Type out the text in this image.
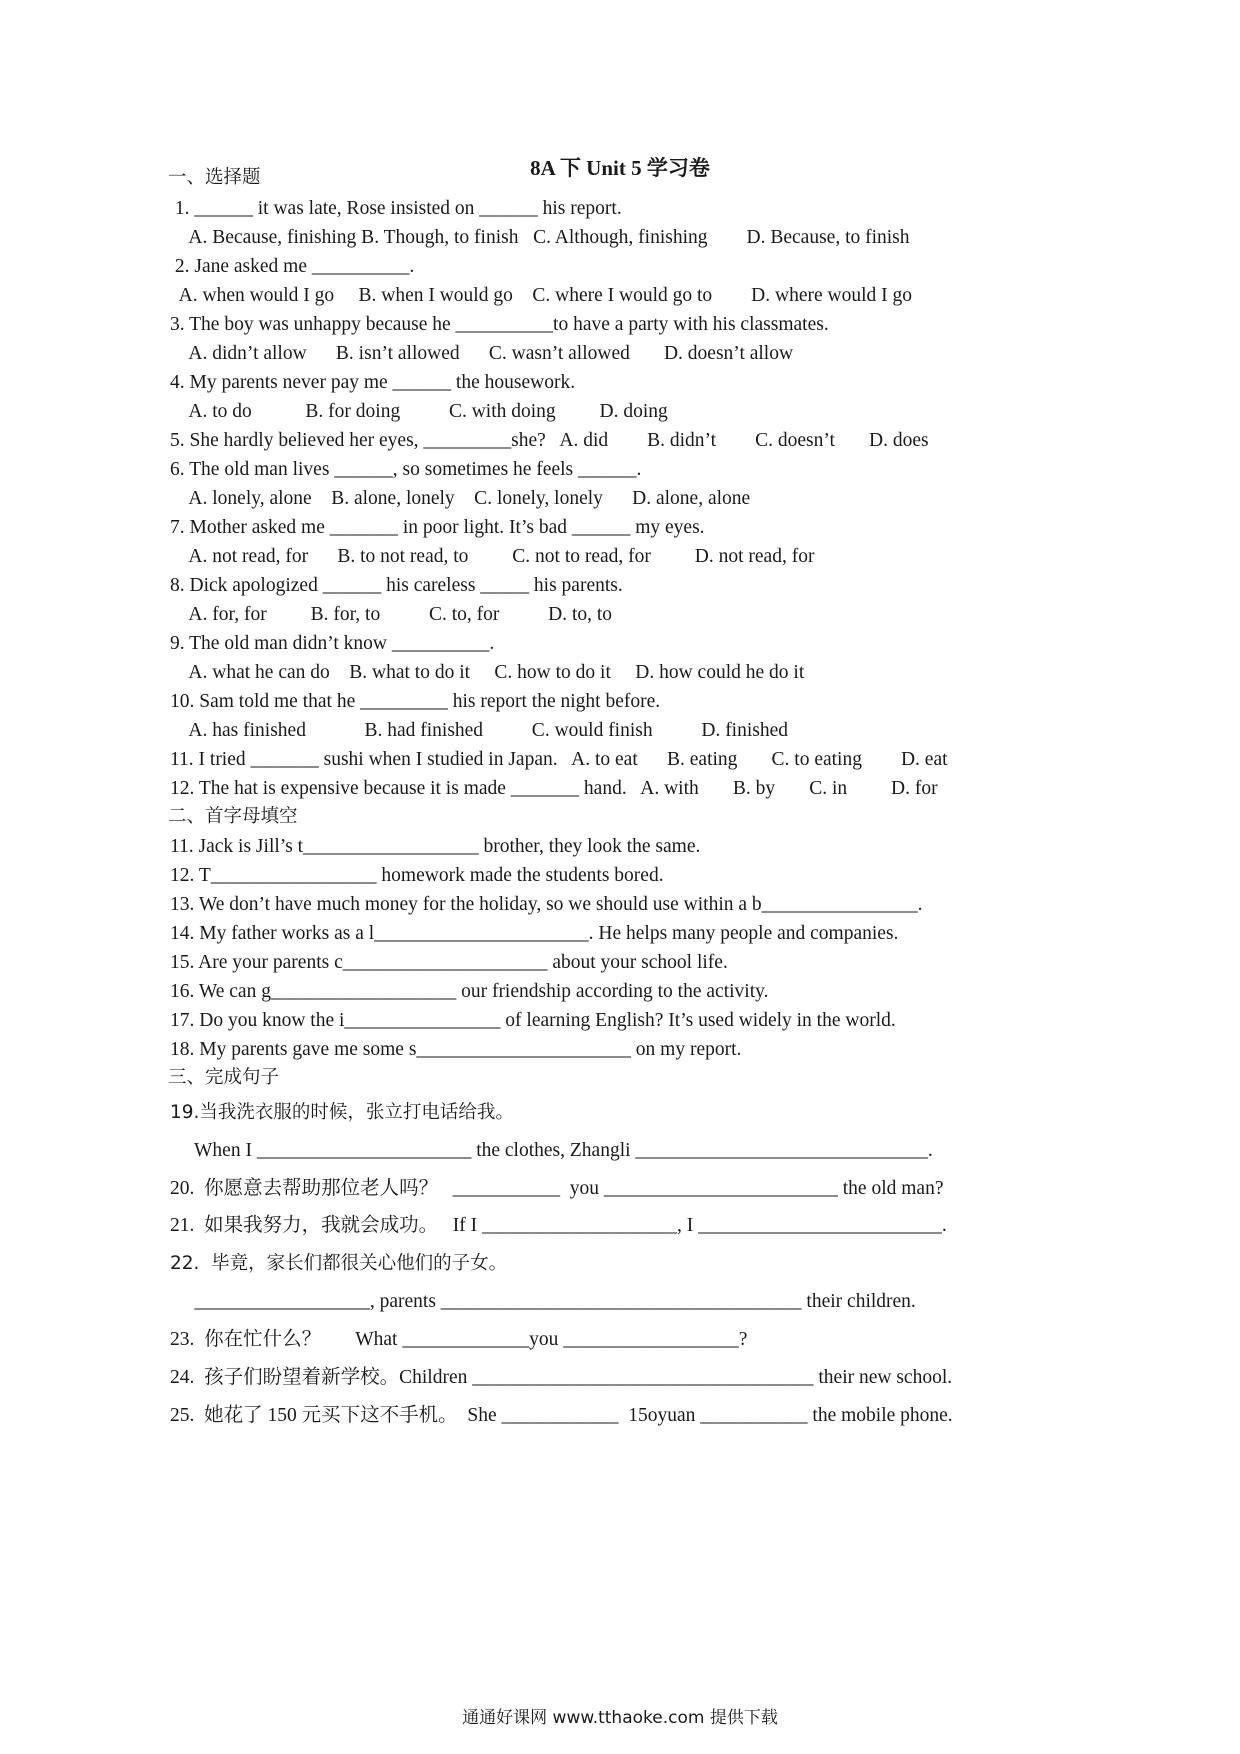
8A 下 Unit 5 学习卷
一、选择题
1. ______ it was late, Rose insisted on ______ his report.
A. Because, finishing B. Though, to finish   C. Although, finishing        D. Because, to finish
2. Jane asked me __________.
A. when would I go     B. when I would go    C. where I would go to        D. where would I go
3. The boy was unhappy because he __________to have a party with his classmates.
A. didn’t allow      B. isn’t allowed      C. wasn’t allowed       D. doesn’t allow
4. My parents never pay me ______ the housework.
A. to do           B. for doing          C. with doing         D. doing
5. She hardly believed her eyes, _________she?   A. did        B. didn’t        C. doesn’t       D. does
6. The old man lives ______, so sometimes he feels ______.
A. lonely, alone    B. alone, lonely    C. lonely, lonely      D. alone, alone
7. Mother asked me _______ in poor light. It’s bad ______ my eyes.
A. not read, for      B. to not read, to         C. not to read, for         D. not read, for
8. Dick apologized ______ his careless _____ his parents.
A. for, for         B. for, to          C. to, for          D. to, to
9. The old man didn’t know __________.
A. what he can do    B. what to do it     C. how to do it     D. how could he do it
10. Sam told me that he _________ his report the night before.
A. has finished            B. had finished          C. would finish          D. finished
11. I tried _______ sushi when I studied in Japan.   A. to eat      B. eating       C. to eating        D. eat
12. The hat is expensive because it is made _______ hand.   A. with       B. by       C. in         D. for
二、首字母填空
11. Jack is Jill’s t__________________ brother, they look the same.
12. T_________________ homework made the students bored.
13. We don’t have much money for the holiday, so we should use within a b________________.
14. My father works as a l______________________. He helps many people and companies.
15. Are your parents c_____________________ about your school life.
16. We can g___________________ our friendship according to the activity.
17. Do you know the i________________ of learning English? It’s used widely in the world.
18. My parents gave me some s______________________ on my report.
三、完成句子
19.当我洗衣服的时候，张立打电话给我。
When I ______________________ the clothes, Zhangli ______________________________.
20.  你愿意去帮助那位老人吗？   ___________  you ________________________ the old man?
21.  如果我努力，我就会成功。   If I ____________________, I _________________________.
22.  毕竟，家长们都很关心他们的子女。
__________________, parents _____________________________________ their children.
23.  你在忙什么？       What _____________you __________________?
24.  孩子们盼望着新学校。Children ___________________________________ their new school.
25.  她花了 150 元买下这不手机。  She ____________  15oyuan ___________ the mobile phone.
通通好课网 www.tthaoke.com 提供下载
